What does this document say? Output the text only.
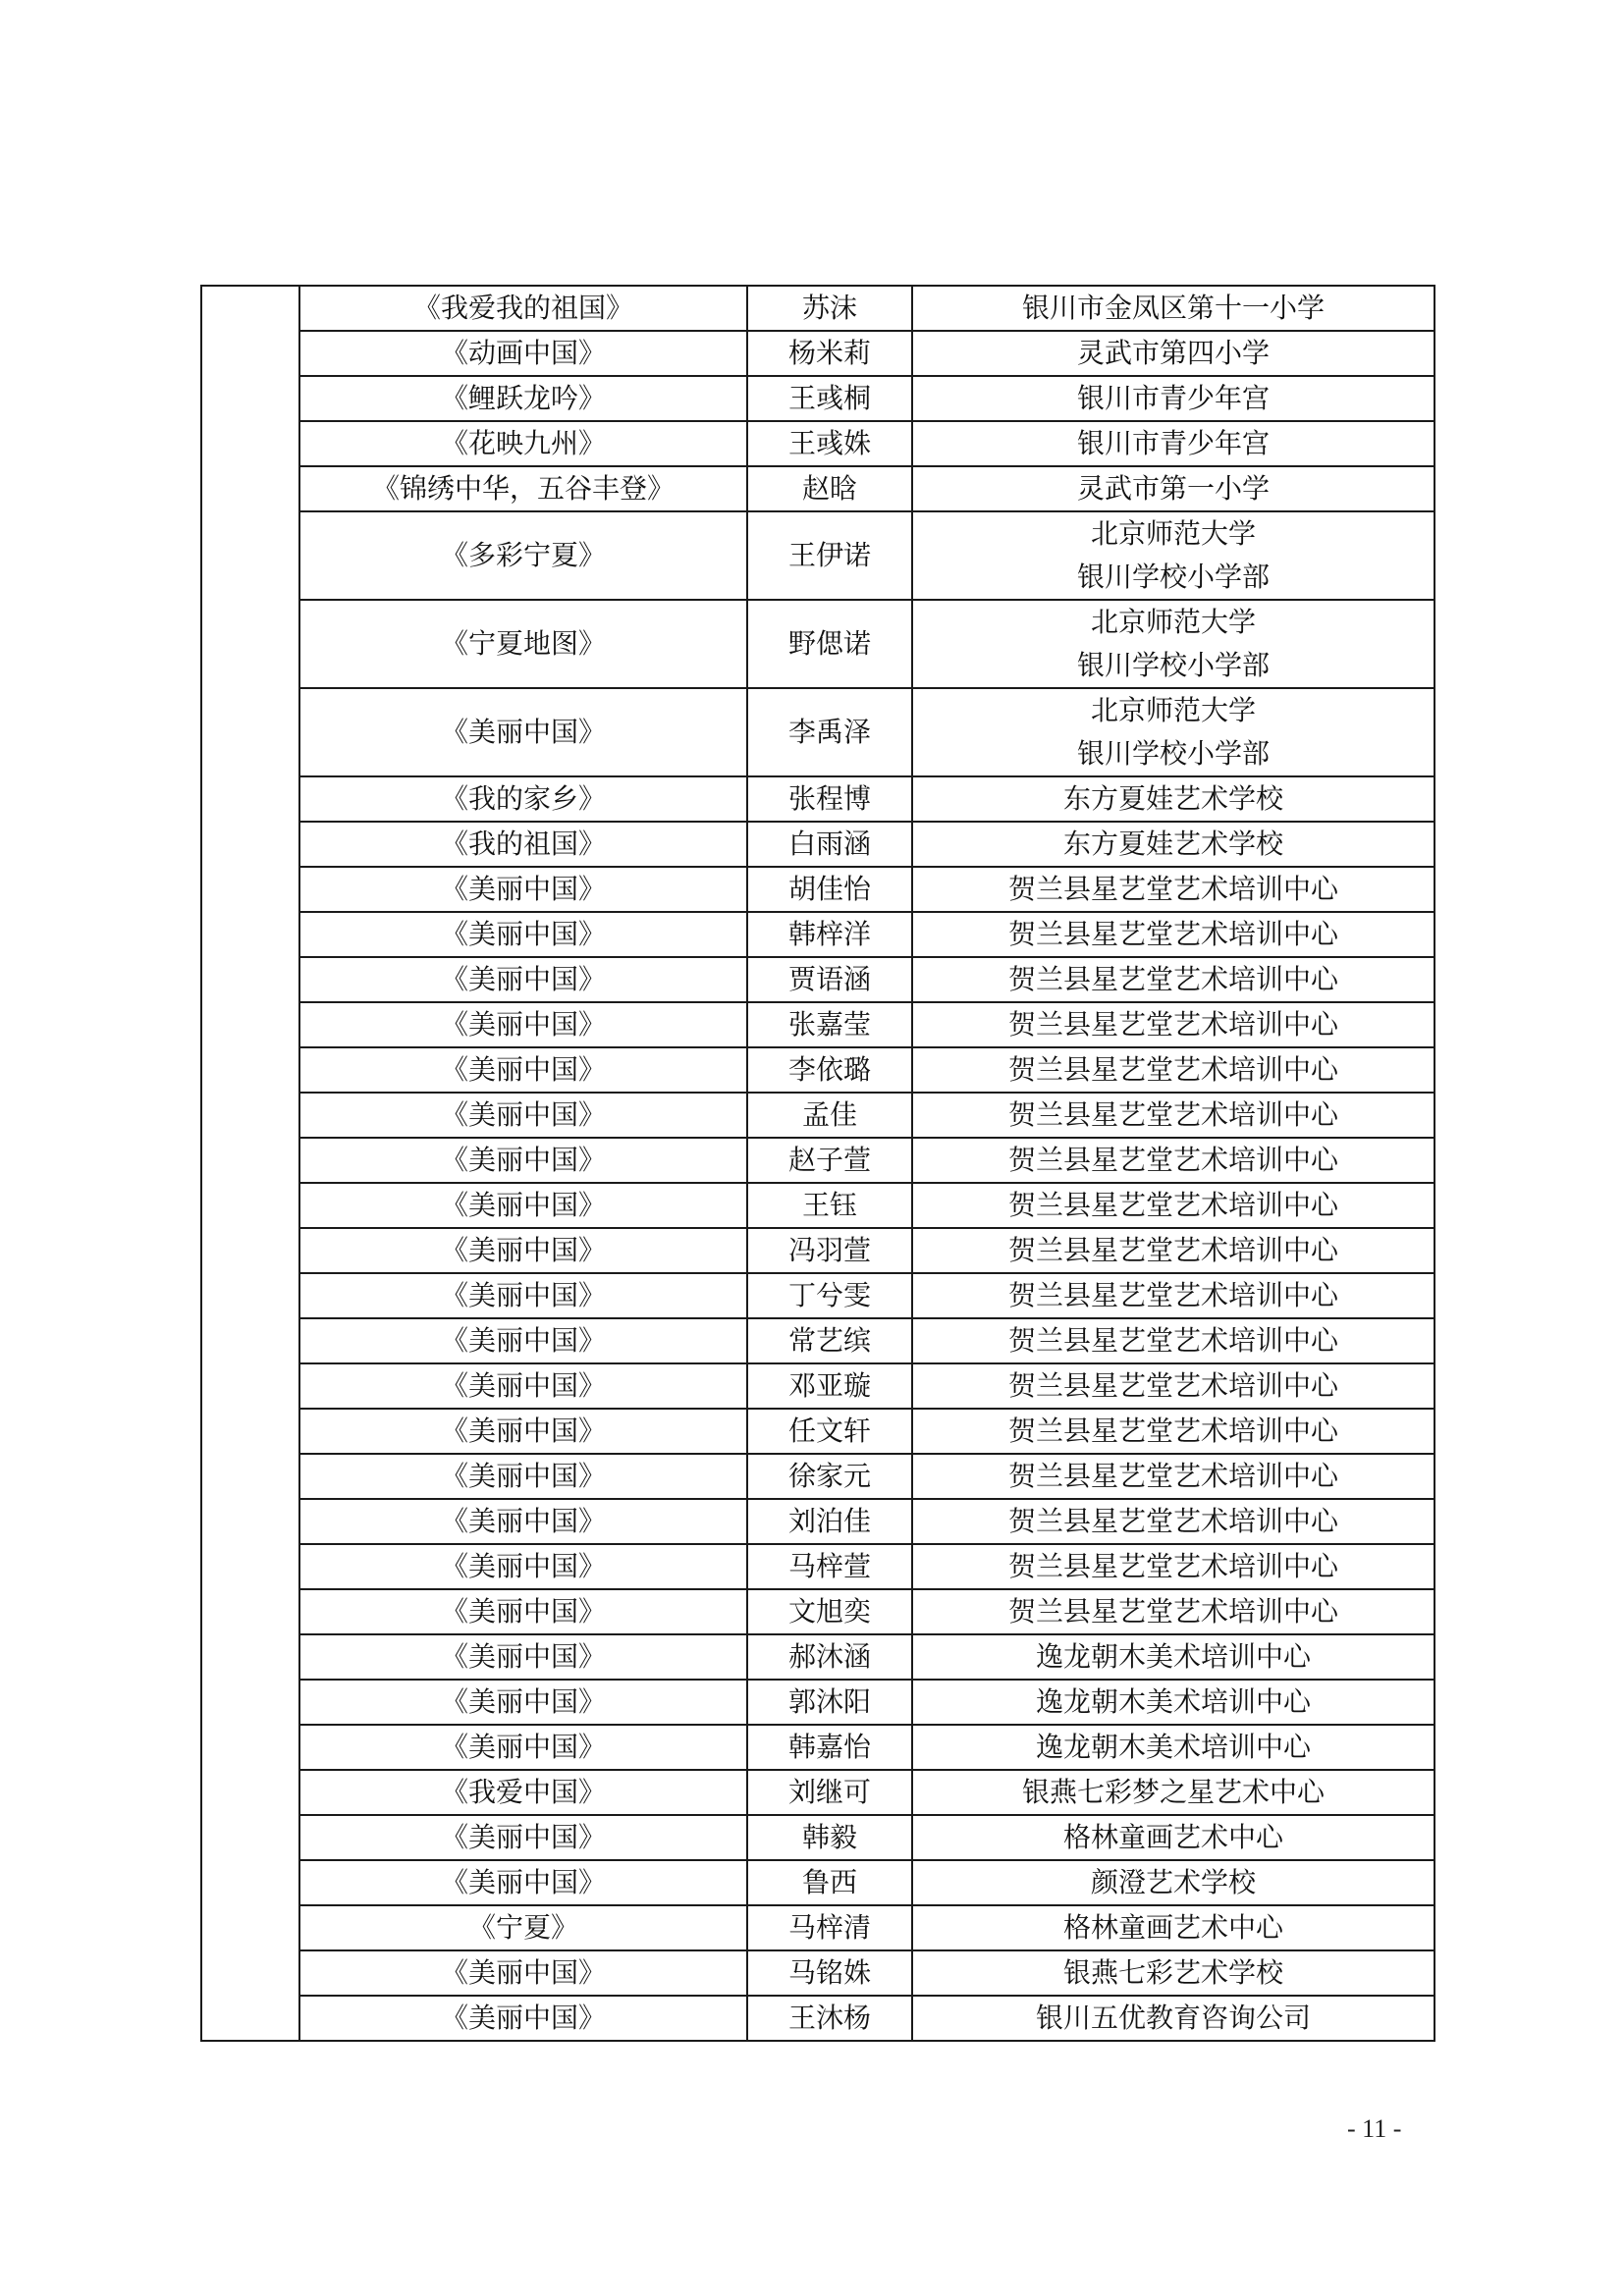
	《我爱我的祖国》	苏沫	银川市金凤区第十一小学

	《动画中国》	杨米莉	灵武市第四小学

	《鲤跃龙吟》	王彧桐	银川市青少年宫

	《花映九州》	王彧姝	银川市青少年宫

	《锦绣中华，五谷丰登》	赵晗	灵武市第一小学

	《多彩宁夏》	王伊诺	北京师范大学
银川学校小学部

	《宁夏地图》	野偲诺	北京师范大学
银川学校小学部

	《美丽中国》	李禹泽	北京师范大学
银川学校小学部

	《我的家乡》	张程博	东方夏娃艺术学校

	《我的祖国》	白雨涵	东方夏娃艺术学校

	《美丽中国》	胡佳怡	贺兰县星艺堂艺术培训中心

	《美丽中国》	韩梓洋	贺兰县星艺堂艺术培训中心

	《美丽中国》	贾语涵	贺兰县星艺堂艺术培训中心

	《美丽中国》	张嘉莹	贺兰县星艺堂艺术培训中心

	《美丽中国》	李依璐	贺兰县星艺堂艺术培训中心

	《美丽中国》	孟佳	贺兰县星艺堂艺术培训中心

	《美丽中国》	赵子萱	贺兰县星艺堂艺术培训中心

	《美丽中国》	王钰	贺兰县星艺堂艺术培训中心

	《美丽中国》	冯羽萱	贺兰县星艺堂艺术培训中心

	《美丽中国》	丁兮雯	贺兰县星艺堂艺术培训中心

	《美丽中国》	常艺缤	贺兰县星艺堂艺术培训中心

	《美丽中国》	邓亚璇	贺兰县星艺堂艺术培训中心

	《美丽中国》	任文轩	贺兰县星艺堂艺术培训中心

	《美丽中国》	徐家元	贺兰县星艺堂艺术培训中心

	《美丽中国》	刘泊佳	贺兰县星艺堂艺术培训中心

	《美丽中国》	马梓萱	贺兰县星艺堂艺术培训中心

	《美丽中国》	文旭奕	贺兰县星艺堂艺术培训中心

	《美丽中国》	郝沐涵	逸龙朝木美术培训中心

	《美丽中国》	郭沐阳	逸龙朝木美术培训中心

	《美丽中国》	韩嘉怡	逸龙朝木美术培训中心

	《我爱中国》	刘继可	银燕七彩梦之星艺术中心

	《美丽中国》	韩毅	格林童画艺术中心

	《美丽中国》	鲁西	颜澄艺术学校

	《宁夏》	马梓清	格林童画艺术中心

	《美丽中国》	马铭姝	银燕七彩艺术学校

	《美丽中国》	王沐杨	银川五优教育咨询公司
- 11 -
